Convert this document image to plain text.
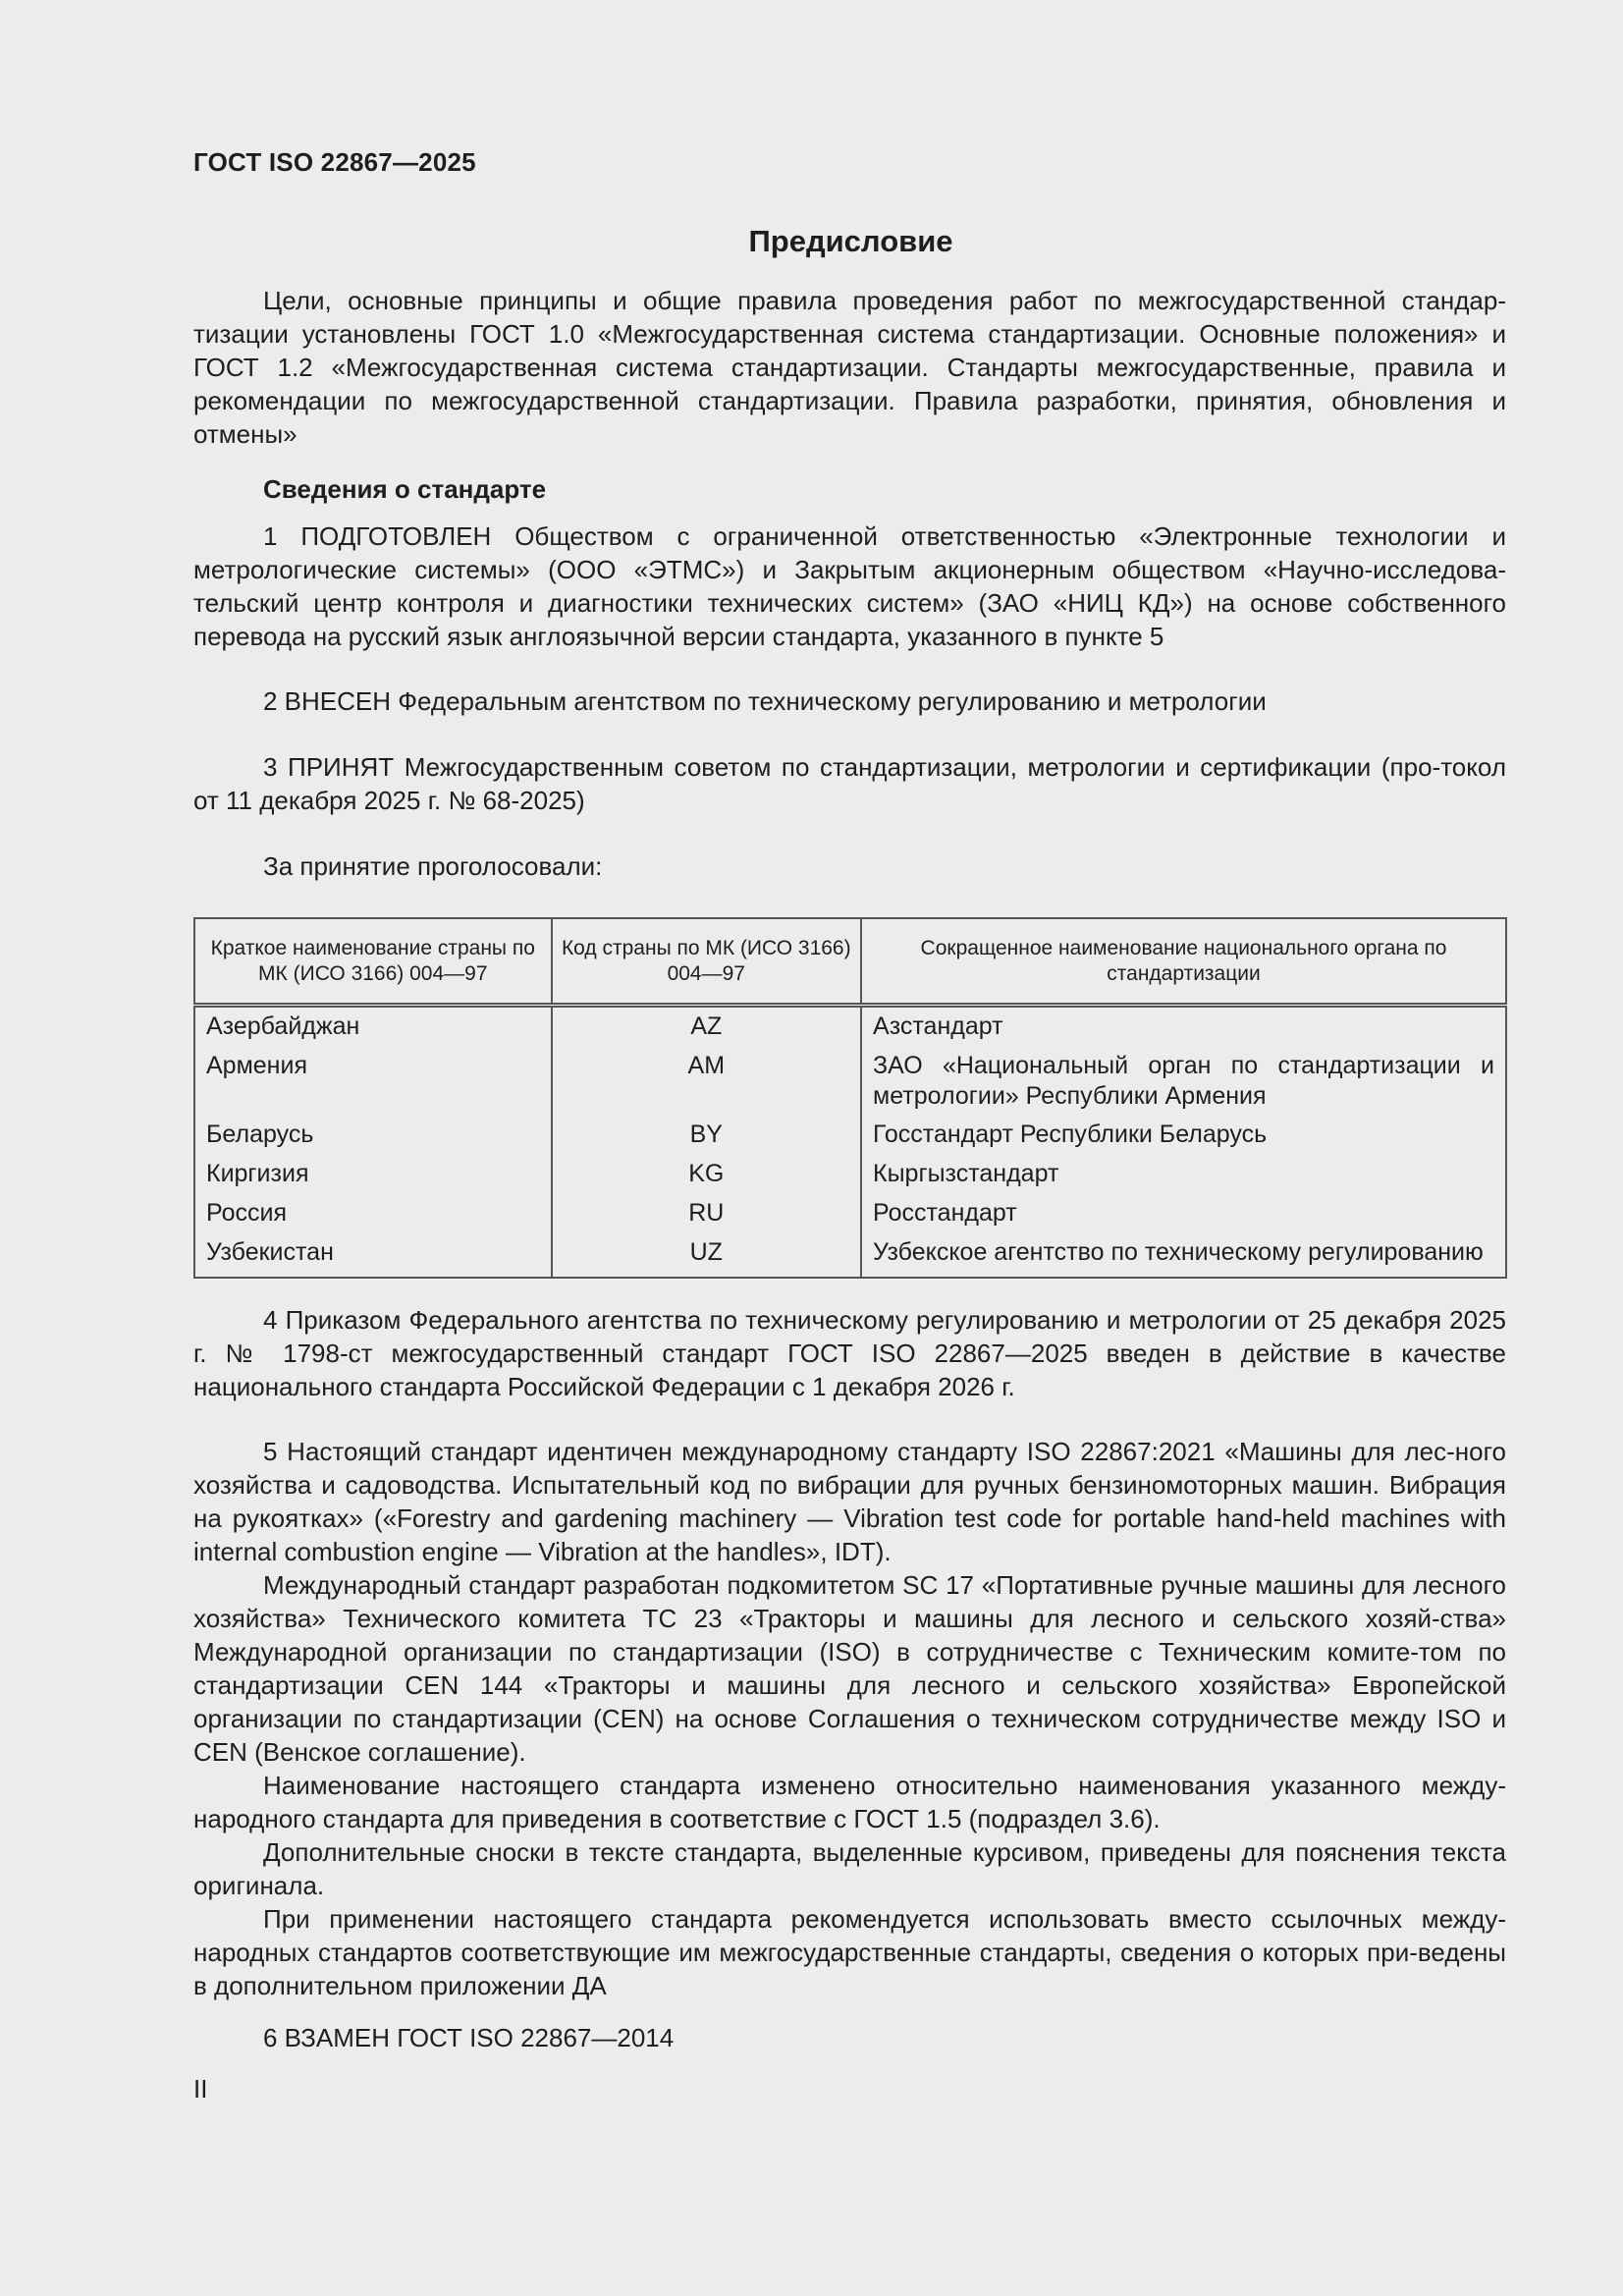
ГОСТ ISO 22867—2025
Предисловие

Цели, основные принципы и общие правила проведения работ по межгосударственной стандар-тизации установлены ГОСТ 1.0 «Межгосударственная система стандартизации. Основные положения» и ГОСТ 1.2 «Межгосударственная система стандартизации. Стандарты межгосударственные, правила и рекомендации по межгосударственной стандартизации. Правила разработки, принятия, обновления и отмены»

Сведения о стандарте

1 ПОДГОТОВЛЕН Обществом с ограниченной ответственностью «Электронные технологии и метрологические системы» (ООО «ЭТМС») и Закрытым акционерным обществом «Научно-исследова-тельский центр контроля и диагностики технических систем» (ЗАО «НИЦ КД») на основе собственного перевода на русский язык англоязычной версии стандарта, указанного в пункте 5

2 ВНЕСЕН Федеральным агентством по техническому регулированию и метрологии

3 ПРИНЯТ Межгосударственным советом по стандартизации, метрологии и сертификации (про-токол от 11 декабря 2025 г. № 68-2025)

За принятие проголосовали:

Краткое наименование страны по МК (ИСО 3166) 004—97	Код страны по МК (ИСО 3166) 004—97	Сокращенное наименование национального органа по стандартизации
Азербайджан	AZ	Азстандарт
Армения	AM	ЗАО «Национальный орган по стандартизации и метрологии» Республики Армения
Беларусь	BY	Госстандарт Республики Беларусь
Киргизия	KG	Кыргызстандарт
Россия	RU	Росстандарт
Узбекистан	UZ	Узбекское агентство по техническому регулированию

4 Приказом Федерального агентства по техническому регулированию и метрологии от 25 декабря 2025 г. № 1798-ст межгосударственный стандарт ГОСТ ISO 22867—2025 введен в действие в качестве национального стандарта Российской Федерации с 1 декабря 2026 г.

5 Настоящий стандарт идентичен международному стандарту ISO 22867:2021 «Машины для лес-ного хозяйства и садоводства. Испытательный код по вибрации для ручных бензиномоторных машин. Вибрация на рукоятках» («Forestry and gardening machinery — Vibration test code for portable hand-held machines with internal combustion engine — Vibration at the handles», IDT).

Международный стандарт разработан подкомитетом SC 17 «Портативные ручные машины для лесного хозяйства» Технического комитета TC 23 «Тракторы и машины для лесного и сельского хозяй-ства» Международной организации по стандартизации (ISO) в сотрудничестве с Техническим комите-том по стандартизации CEN 144 «Тракторы и машины для лесного и сельского хозяйства» Европейской организации по стандартизации (CEN) на основе Соглашения о техническом сотрудничестве между ISO и CEN (Венское соглашение).

Наименование настоящего стандарта изменено относительно наименования указанного между-народного стандарта для приведения в соответствие с ГОСТ 1.5 (подраздел 3.6).

Дополнительные сноски в тексте стандарта, выделенные курсивом, приведены для пояснения текста оригинала.

При применении настоящего стандарта рекомендуется использовать вместо ссылочных между-народных стандартов соответствующие им межгосударственные стандарты, сведения о которых при-ведены в дополнительном приложении ДА

6 ВЗАМЕН ГОСТ ISO 22867—2014

II
